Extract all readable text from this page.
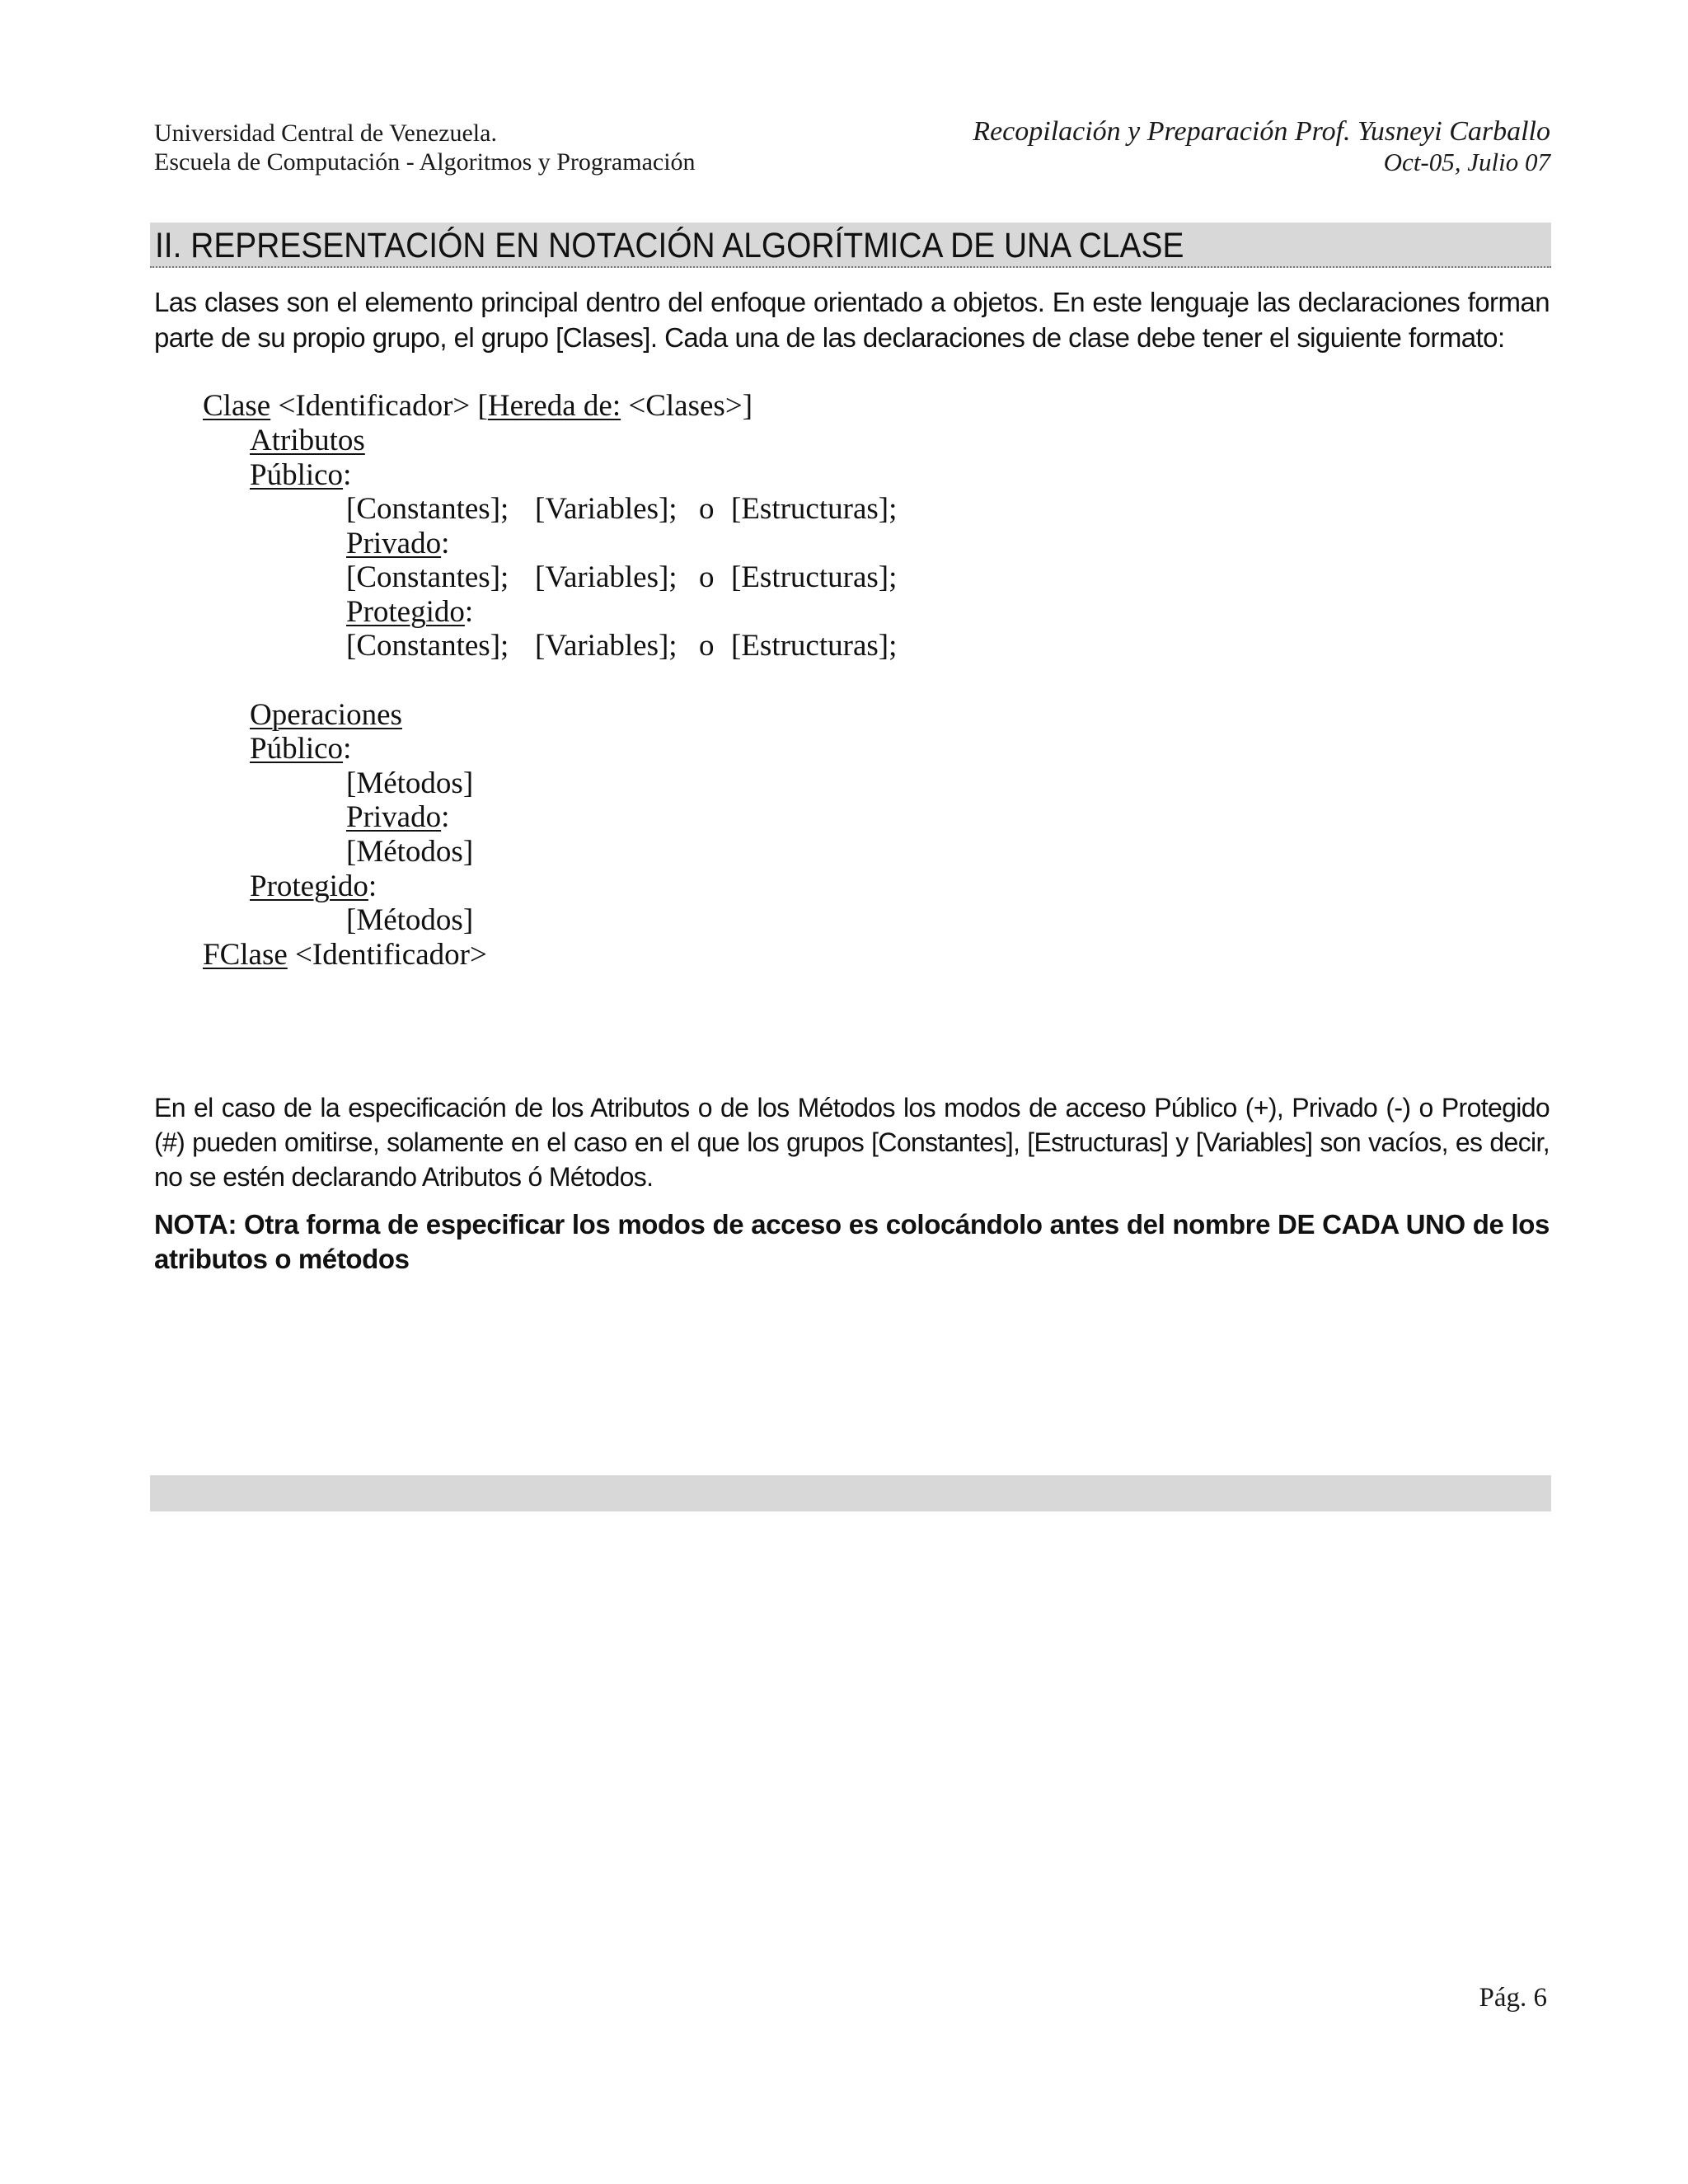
Universidad Central de Venezuela.
Escuela de Computación - Algoritmos y Programación
Recopilación y Preparación Prof. Yusneyi Carballo
Oct-05, Julio 07
II. REPRESENTACIÓN EN NOTACIÓN ALGORÍTMICA DE UNA CLASE
Las clases son el elemento principal dentro del enfoque orientado a objetos. En este lenguaje las declaraciones forman parte de su propio grupo, el grupo [Clases]. Cada una de las declaraciones de clase debe tener el siguiente formato:
Clase <Identificador> [Hereda de: <Clases>]
Atributos
Público:
[Constantes]; [Variables]; o [Estructuras];
Privado:
[Constantes]; [Variables]; o [Estructuras];
Protegido:
[Constantes]; [Variables]; o [Estructuras];
Operaciones
Público:
[Métodos]
Privado:
[Métodos]
Protegido:
[Métodos]
FClase <Identificador>
En el caso de la especificación de los Atributos o de los Métodos los modos de acceso Público (+), Privado (-) o Protegido (#) pueden omitirse, solamente en el caso en el que los grupos [Constantes], [Estructuras] y [Variables] son vacíos, es decir, no se estén declarando Atributos ó Métodos.
NOTA: Otra forma de especificar los modos de acceso es colocándolo antes del nombre DE CADA UNO de los atributos o métodos
Pág. 6
